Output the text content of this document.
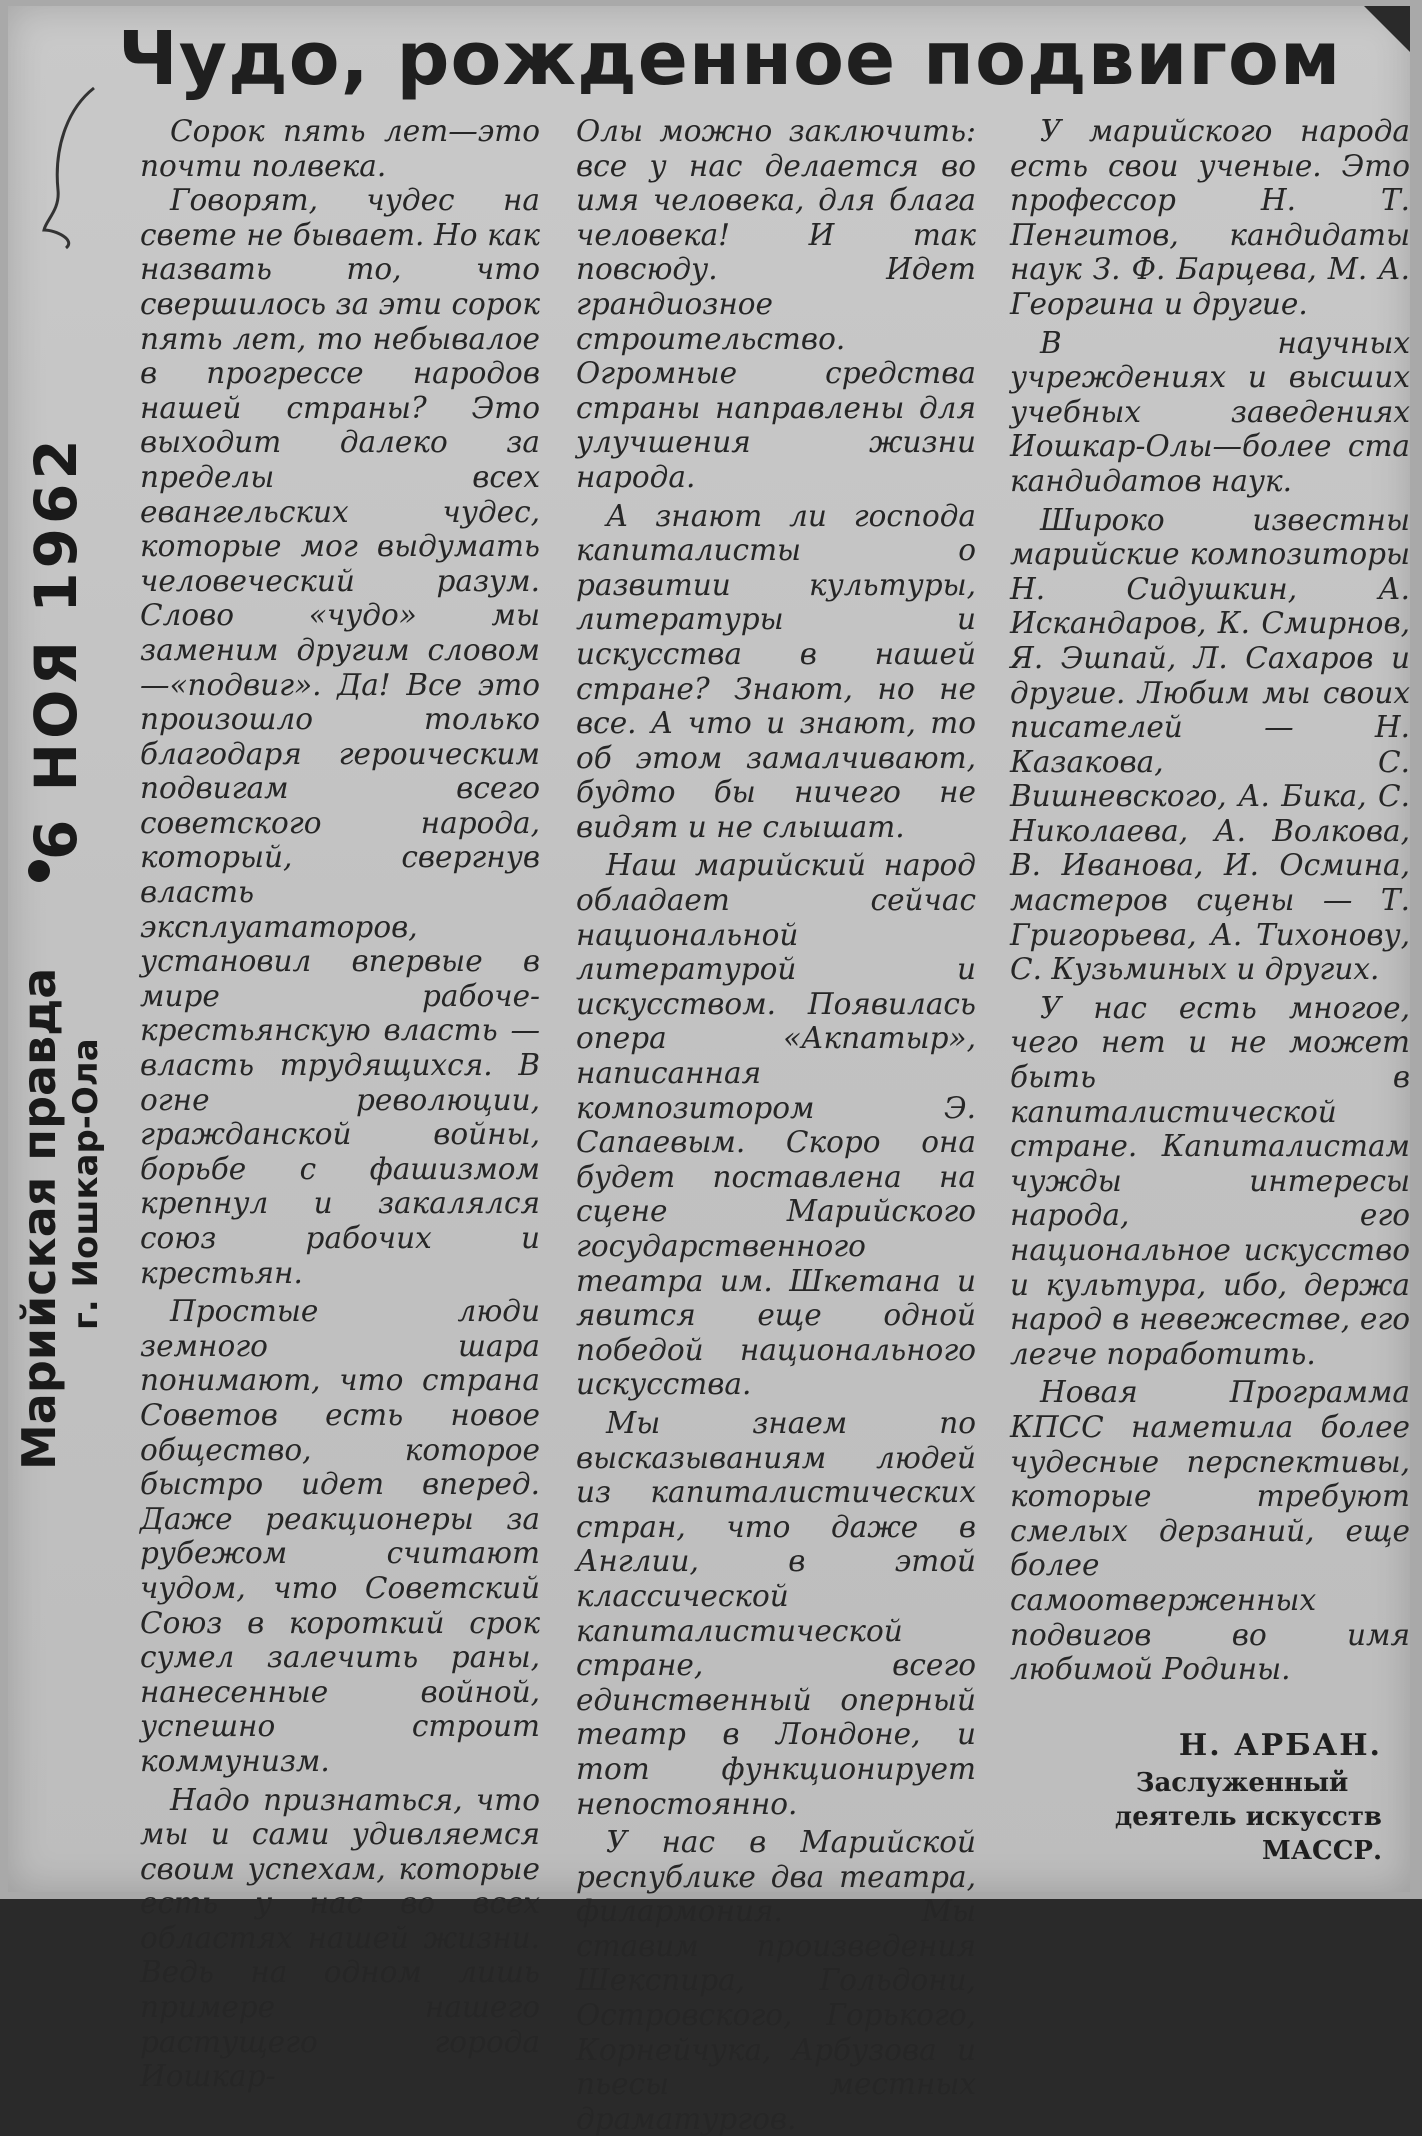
Чудо, рожденное подвигом
Марийская правда г. Иошкар-Ола
6 НОЯ 1962

Сорок пять лет—это почти полвека.

Говорят, чудес на свете не бывает. Но как назвать то, что свершилось за эти сорок пять лет, то небывалое в прогрессе народов нашей страны? Это выходит далеко за пределы всех евангельских чудес, которые мог выдумать человеческий разум. Слово «чудо» мы заменим другим словом—«подвиг». Да! Все это произошло только благодаря героическим подвигам всего советского народа, который, свергнув власть эксплуататоров, установил впервые в мире рабоче-крестьянскую власть — власть трудящихся. В огне революции, гражданской войны, борьбе с фашизмом крепнул и закалялся союз рабочих и крестьян.

Простые люди земного шара понимают, что страна Советов есть новое общество, которое быстро идет вперед. Даже реакционеры за рубежом считают чудом, что Советский Союз в короткий срок сумел залечить раны, нанесенные войной, успешно строит коммунизм.

Надо признаться, что мы и сами удивляемся своим успехам, которые есть у нас во всех областях нашей жизни. Ведь на одном лишь примере нашего растущего города Иошкар-

Олы можно заключить: все у нас делается во имя человека, для блага человека! И так повсюду. Идет грандиозное строительство. Огромные средства страны направлены для улучшения жизни народа.

А знают ли господа капиталисты о развитии культуры, литературы и искусства в нашей стране? Знают, но не все. А что и знают, то об этом замалчивают, будто бы ничего не видят и не слышат.

Наш марийский народ обладает сейчас национальной литературой и искусством. Появилась опера «Акпатыр», написанная композитором Э. Сапаевым. Скоро она будет поставлена на сцене Марийского государственного театра им. Шкетана и явится еще одной победой национального искусства.

Мы знаем по высказываниям людей из капиталистических стран, что даже в Англии, в этой классической капиталистической стране, всего единственный оперный театр в Лондоне, и тот функционирует непостоянно.

У нас в Марийской республике два театра, филармония. Мы ставим произведения Шекспира, Гольдони, Островского, Горького, Корнейчука, Арбузова и пьесы местных драматургов.

У марийского народа есть свои ученые. Это профессор Н. Т. Пенгитов, кандидаты наук З. Ф. Барцева, М. А. Георгина и другие.

В научных учреждениях и высших учебных заведениях Иошкар-Олы—более ста кандидатов наук.

Широко известны марийские композиторы Н. Сидушкин, А. Искандаров, К. Смирнов, Я. Эшпай, Л. Сахаров и другие. Любим мы своих писателей — Н. Казакова, С. Вишневского, А. Бика, С. Николаева, А. Волкова, В. Иванова, И. Осмина, мастеров сцены — Т. Григорьева, А. Тихонову, С. Кузьминых и других.

У нас есть многое, чего нет и не может быть в капиталистической стране. Капиталистам чужды интересы народа, его национальное искусство и культура, ибо, держа народ в невежестве, его легче поработить.

Новая Программа КПСС наметила более чудесные перспективы, которые требуют смелых дерзаний, еще более самоотверженных подвигов во имя любимой Родины.

Н. АРБАН.
Заслуженный
деятель искусств
МАССР.
